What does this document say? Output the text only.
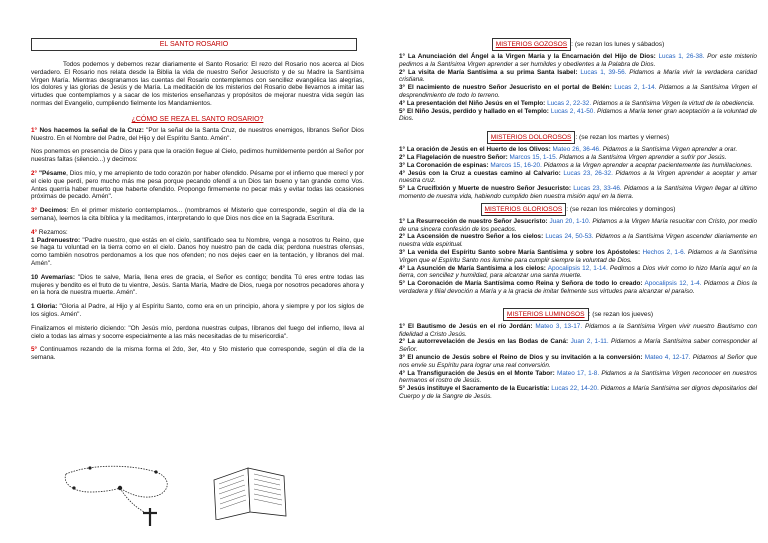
EL SANTO ROSARIO

Todos podemos y debemos rezar diariamente el Santo Rosario: El rezo del Rosario nos acerca al Dios verdadero. El Rosario nos relata desde la Biblia la vida de nuestro Señor Jesucristo y de su Madre la Santísima Virgen María. Mientras desgranamos las cuentas del Rosario contemplemos con sencillez evangélica las alegrías, los dolores y las glorias de Jesús y de María. La meditación de los misterios del Rosario debe llevarnos a imitar las virtudes que contemplamos y a sacar de los misterios enseñanzas y propósitos de mejorar nuestra vida según las normas del Evangelio, cumpliendo fielmente los Mandamientos.

¿CÓMO SE REZA EL SANTO ROSARIO?

1° Nos hacemos la señal de la Cruz: "Por la señal de la Santa Cruz, de nuestros enemigos, líbranos Señor Dios Nuestro. En el Nombre del Padre, del Hijo y del Espíritu Santo. Amén".

Nos ponemos en presencia de Dios y para que la oración llegue al Cielo, pedimos humildemente perdón al Señor por nuestras faltas (silencio...) y decimos:

2° "Pésame, Dios mío, y me arrepiento de todo corazón por haber ofendido. Pésame por el infierno que merecí y por el cielo que perdí, pero mucho más me pesa porque pecando ofendí a un Dios tan bueno y tan grande como Vos. Antes querría haber muerto que haberte ofendido. Propongo firmemente no pecar más y evitar todas las ocasiones próximas de pecado. Amén".

3° Decimos: En el primer misterio contemplamos... (nombramos el Misterio que corresponde, según el día de la semana), leemos la cita bíblica y la meditamos, interpretando lo que Dios nos dice en la Sagrada Escritura.

4° Rezamos:

1 Padrenuestro: "Padre nuestro, que estás en el cielo, santificado sea tu Nombre, venga a nosotros tu Reino, que se haga tu voluntad en la tierra como en el cielo. Danos hoy nuestro pan de cada día; perdona nuestras ofensas, como también nosotros perdonamos a los que nos ofenden; no nos dejes caer en la tentación, y líbranos del mal. Amén".

10 Avemarías: "Dios te salve, María, llena eres de gracia, el Señor es contigo; bendita Tú eres entre todas las mujeres y bendito es el fruto de tu vientre, Jesús. Santa María, Madre de Dios, ruega por nosotros pecadores ahora y en la hora de nuestra muerte. Amén".

1 Gloria: "Gloria al Padre, al Hijo y al Espíritu Santo, como era en un principio, ahora y siempre y por los siglos de los siglos. Amén".

Finalizamos el misterio diciendo: "Oh Jesús mío, perdona nuestras culpas, líbranos del fuego del infierno, lleva al cielo a todas las almas y socorre especialmente a las más necesitadas de tu misericordia".

5° Continuamos rezando de la misma forma el 2do, 3er, 4to y 5to misterio que corresponde, según el día de la semana.

MISTERIOS GOZOSOS : (se rezan los lunes y sábados)

1° La Anunciación del Ángel a la Virgen María y la Encarnación del Hijo de Dios: Lucas 1, 26-38. Por este misterio pedimos a la Santísima Virgen aprender a ser humildes y obedientes a la Palabra de Dios.

2° La visita de María Santísima a su prima Santa Isabel: Lucas 1, 39-56. Pidamos a María vivir la verdadera caridad cristiana.

3° El nacimiento de nuestro Señor Jesucristo en el portal de Belén: Lucas 2, 1-14. Pidamos a la Santísima Virgen el desprendimiento de todo lo terreno.

4° La presentación del Niño Jesús en el Templo: Lucas 2, 22-32. Pidamos a la Santísima Virgen la virtud de la obediencia.

5° El Niño Jesús, perdido y hallado en el Templo: Lucas 2, 41-50. Pidamos a María tener gran aceptación a la voluntad de Dios.

MISTERIOS DOLOROSOS : (se rezan los martes y viernes)

1° La oración de Jesús en el Huerto de los Olivos: Mateo 26, 36-46. Pidamos a la Santísima Virgen aprender a orar.

2° La Flagelación de nuestro Señor: Marcos 15, 1-15. Pidamos a la Santísima Virgen aprender a sufrir por Jesús.

3° La Coronación de espinas: Marcos 15, 16-20. Pidamos a la Virgen aprender a aceptar pacientemente las humillaciones.

4° Jesús con la Cruz a cuestas camino al Calvario: Lucas 23, 26-32. Pidamos a la Virgen aprender a aceptar y amar nuestra cruz.

5° La Crucifixión y Muerte de nuestro Señor Jesucristo: Lucas 23, 33-46. Pidamos a la Santísima Virgen llegar al último momento de nuestra vida, habiendo cumplido bien nuestra misión aquí en la tierra.

MISTERIOS GLORIOSOS : (se rezan los miércoles y domingos)

1° La Resurrección de nuestro Señor Jesucristo: Juan 20, 1-10. Pidamos a la Virgen María resucitar con Cristo, por medio de una sincera confesión de los pecados.

2° La Ascensión de nuestro Señor a los cielos: Lucas 24, 50-53. Pidamos a la Santísima Virgen ascender diariamente en nuestra vida espiritual.

3° La venida del Espíritu Santo sobre María Santísima y sobre los Apóstoles: Hechos 2, 1-6. Pidamos a la Santísima Virgen que el Espíritu Santo nos ilumine para cumplir siempre la voluntad de Dios.

4° La Asunción de María Santísima a los cielos: Apocalipsis 12, 1-14. Pedimos a Dios vivir como lo hizo María aquí en la tierra, con sencillez y humildad, para alcanzar una santa muerte.

5° La Coronación de María Santísima como Reina y Señora de todo lo creado: Apocalipsis 12, 1-4. Pidamos a Dios la verdadera y filial devoción a María y a la gracia de imitar fielmente sus virtudes para alcanzar el paraíso.

MISTERIOS LUMINOSOS : (se rezan los jueves)

1° El Bautismo de Jesús en el río Jordán: Mateo 3, 13-17. Pidamos a la Santísima Virgen vivir nuestro Bautismo con fidelidad a Cristo Jesús.

2° La autorrevelación de Jesús en las Bodas de Caná: Juan 2, 1-11. Pidamos a María Santísima saber corresponder al Señor.

3° El anuncio de Jesús sobre el Reino de Dios y su invitación a la conversión: Mateo 4, 12-17. Pidamos al Señor que nos envíe su Espíritu para lograr una real conversión.

4° La Transfiguración de Jesús en el Monte Tabor: Mateo 17, 1-8. Pidamos a la Santísima Virgen reconocer en nuestros hermanos el rostro de Jesús.

5° Jesús instituye el Sacramento de la Eucaristía: Lucas 22, 14-20. Pidamos a María Santísima ser dignos depositarios del Cuerpo y de la Sangre de Jesús.
